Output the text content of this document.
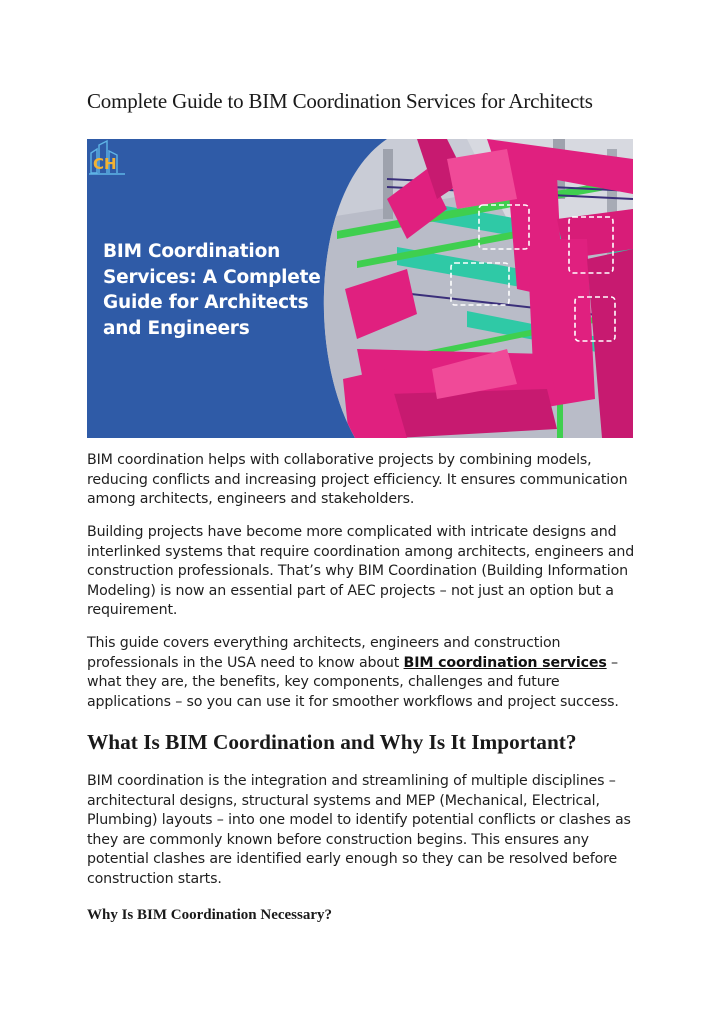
Complete Guide to BIM Coordination Services for Architects
CH
BIM Coordination
Services: A Complete
Guide for Architects
and Engineers

BIM coordination helps with collaborative projects by combining models, reducing conflicts and increasing project efficiency. It ensures communication among architects, engineers and stakeholders.

Building projects have become more complicated with intricate designs and interlinked systems that require coordination among architects, engineers and construction professionals. That’s why BIM Coordination (Building Information Modeling) is now an essential part of AEC projects – not just an option but a requirement.

This guide covers everything architects, engineers and construction professionals in the USA need to know about BIM coordination services – what they are, the benefits, key components, challenges and future applications – so you can use it for smoother workflows and project success.

What Is BIM Coordination and Why Is It Important?

BIM coordination is the integration and streamlining of multiple disciplines – architectural designs, structural systems and MEP (Mechanical, Electrical, Plumbing) layouts – into one model to identify potential conflicts or clashes as they are commonly known before construction begins. This ensures any potential clashes are identified early enough so they can be resolved before construction starts.

Why Is BIM Coordination Necessary?
